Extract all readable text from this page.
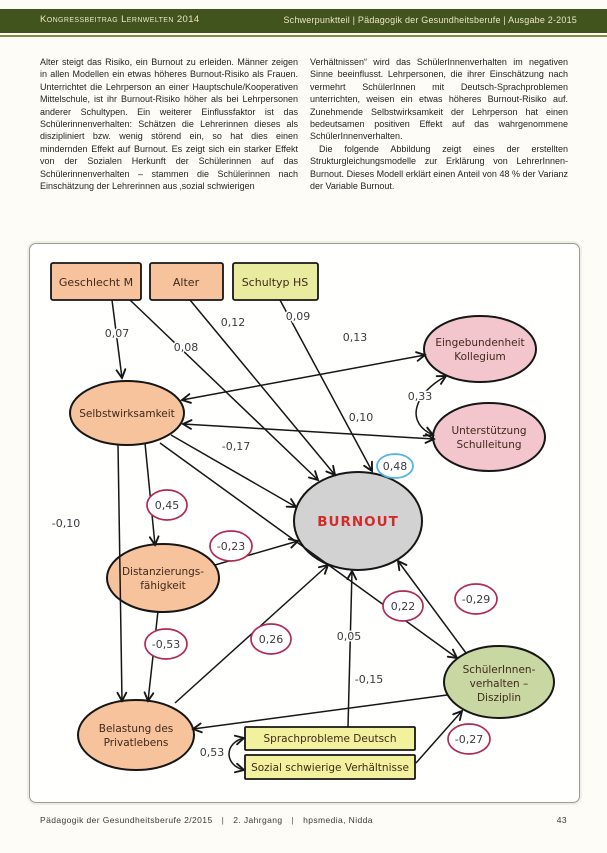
Kongressbeitrag Lernwelten 2014	Schwerpunktteil | Pädagogik der Gesundheitsberufe | Ausgabe 2-2015

Alter steigt das Risiko, ein Burnout zu erleiden. Männer zeigen in allen Modellen ein etwas höheres Burnout-Risiko als Frauen. Unterrichtet die Lehrperson an einer Hauptschule/Kooperativen Mittelschule, ist ihr Burnout-Risiko höher als bei Lehrpersonen anderer Schultypen. Ein weiterer Einflussfaktor ist das Schülerinnenverhalten: Schätzen die Lehrerinnen dieses als diszipliniert bzw. wenig störend ein, so hat dies einen mindernden Effekt auf Burnout. Es zeigt sich ein starker Effekt von der Sozialen Herkunft der Schülerinnen auf das Schülerinnenverhalten – stammen die Schülerinnen nach Einschätzung der Lehrerinnen aus ‚sozial schwierigen

Verhältnissen“ wird das SchülerInnenverhalten im negativen Sinne beeinflusst. Lehrpersonen, die ihrer Einschätzung nach vermehrt SchülerInnen mit Deutsch-Sprachproblemen unterrichten, weisen ein etwas höheres Burnout-Risiko auf. Zunehmende Selbstwirksamkeit der Lehrperson hat einen bedeutsamen positiven Effekt auf das wahrgenommene SchülerInnenverhalten.

Die folgende Abbildung zeigt eines der erstellten Strukturgleichungsmodelle zur Erklärung von LehrerInnen-Burnout. Dieses Modell erklärt einen Anteil von 48 % der Varianz der Variable Burnout.

Geschlecht M	Alter	Schultyp HS
Eingebundenheit
Kollegium
Selbstwirksamkeit
Unterstützung
Schulleitung
BURNOUT
Distanzierungs-
fähigkeit
SchülerInnen-
verhalten –
Disziplin
Belastung des
Privatlebens	Sprachprobleme Deutsch
Sozial schwierige Verhältnisse
0,07
0,08
0,12	0,09
0,13
0,33
0,10
-0,17
-0,10
0,05
-0,15
0,53
0,45
-0,23
0,22
-0,29
-0,53	0,26
-0,27
0,48
Pädagogik der Gesundheitsberufe 2/2015 | 2. Jahrgang | hpsmedia, Nidda	43
